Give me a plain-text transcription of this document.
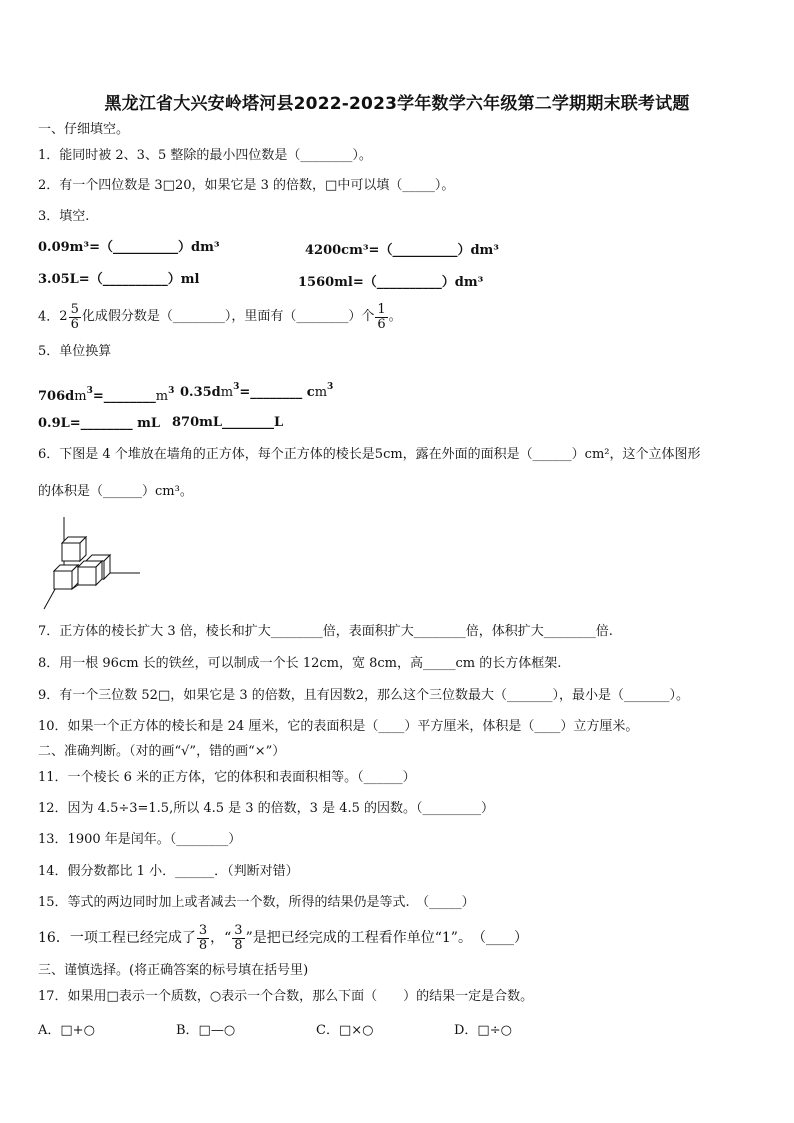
黑龙江省大兴安岭塔河县2022-2023学年数学六年级第二学期期末联考试题
一、仔细填空。
1．能同时被 2、3、5 整除的最小四位数是（________）。
2．有一个四位数是 3□20，如果它是 3 的倍数，□中可以填（_____）。
3．填空.
0.09m³=（__________）dm³	4200cm³=（__________）dm³
3.05L=（__________）ml	1560ml=（__________）dm³
4．$2 \frac{5}{6}$ 化成假分数是（________），里面有（________）个 $\frac{1}{6}$ 。
5．单位换算
$706dm^3=\_\_\_\_\_\_\_\_m^3$ $0.35dm^3=\_\_\_\_\_\_\_\_$ $cm^3$
0.9L=________ mL 870mL________L
6．下图是 4 个堆放在墙角的正方体，每个正方体的棱长是5cm，露在外面的面积是（______）cm²，这个立体图形
的体积是（______）cm³。
7．正方体的棱长扩大 3 倍，棱长和扩大________倍，表面积扩大________倍，体积扩大________倍.
8．用一根 96cm 长的铁丝，可以制成一个长 12cm，宽 8cm，高_____cm 的长方体框架.
9．有一个三位数 52□，如果它是 3 的倍数，且有因数2，那么这个三位数最大（_______），最小是（_______）。
10．如果一个正方体的棱长和是 24 厘米，它的表面积是（____）平方厘米，体积是（____）立方厘米。
二、准确判断。（对的画“√”，错的画“×”）
11．一个棱长 6 米的正方体，它的体积和表面积相等。（______）
12．因为 4.5÷3=1.5,所以 4.5 是 3 的倍数，3 是 4.5 的因数。（_________）
13．1900 年是闰年。（________）
14．假分数都比 1 小．______．（判断对错）
15．等式的两边同时加上或者减去一个数，所得的结果仍是等式.　（_____）
16．一项工程已经完成了 $\frac{3}{8}$ ，“ $\frac{3}{8}$ ”是把已经完成的工程看作单位“1”。　（____）
三、谨慎选择。(将正确答案的标号填在括号里)
17．如果用□表示一个质数，○表示一个合数，那么下面（　　）的结果一定是合数。
A．□+○	B．□—○	C．□×○	D．□÷○
